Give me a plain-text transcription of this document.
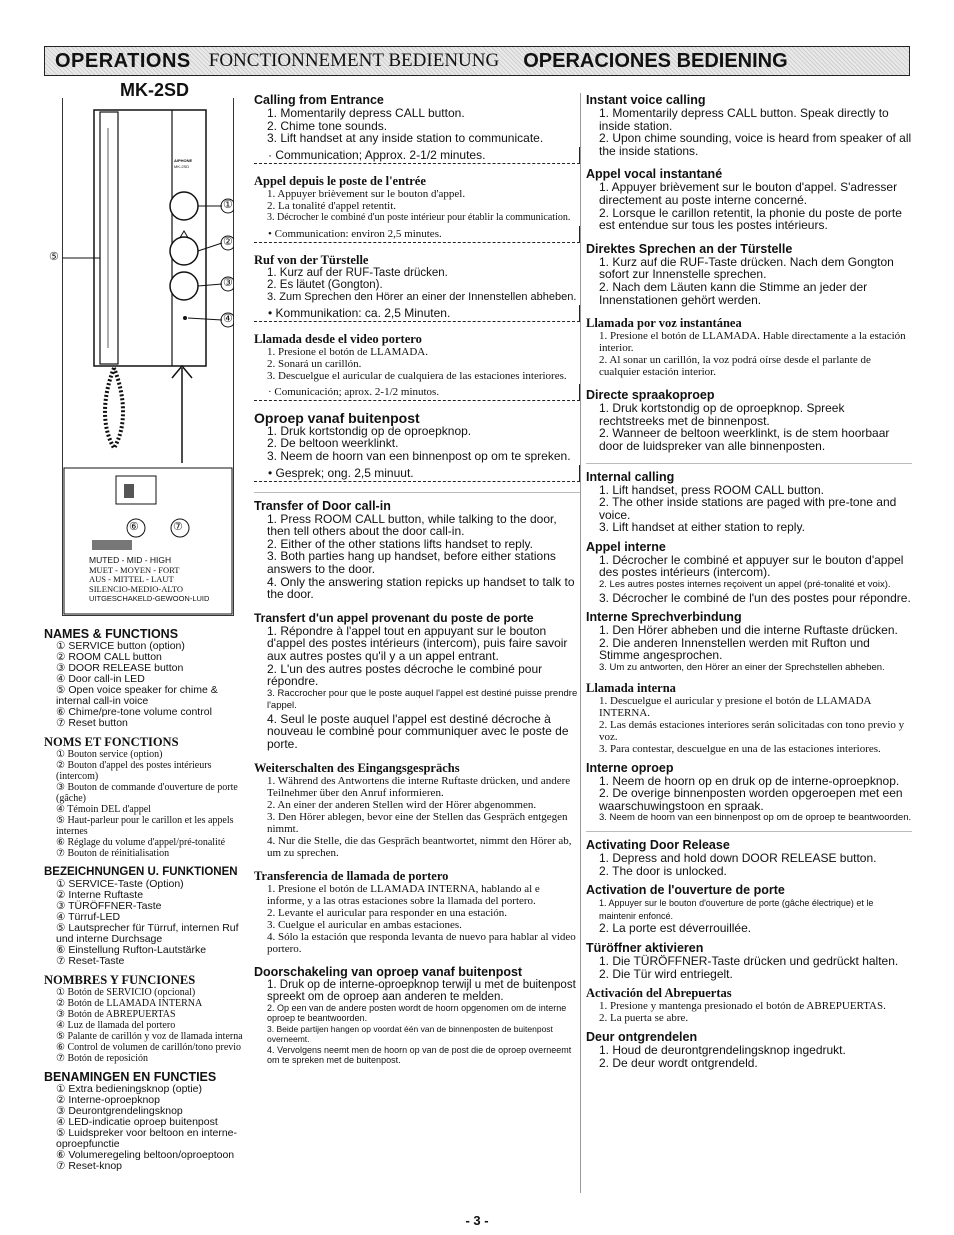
OPERATIONS FONCTIONNEMENT BEDIENUNG OPERACIONES BEDIENING
MK-2SD
AIPHONE
MK-2SD
①
②
③
④
⑤
⑥	⑦
MUTED - MID - HIGH
MUET - MOYEN - FORT
AUS - MITTEL - LAUT
SILENCIO-MEDIO-ALTO
UITGESCHAKELD-GEWOON-LUID
NAMES & FUNCTIONS
① SERVICE button (option)
② ROOM CALL button
③ DOOR RELEASE button
④ Door call-in LED
⑤ Open voice speaker for chime & internal call-in voice
⑥ Chime/pre-tone volume control
⑦ Reset button
NOMS ET FONCTIONS
① Bouton service (option)
② Bouton d'appel des postes intérieurs (intercom)
③ Bouton de commande d'ouverture de porte (gâche)
④ Témoin DEL d'appel
⑤ Haut-parleur pour le carillon et les appels internes
⑥ Réglage du volume d'appel/pré-tonalité
⑦ Bouton de réinitialisation
BEZEICHNUNGEN U. FUNKTIONEN
① SERVICE-Taste (Option)
② Interne Ruftaste
③ TÜRÖFFNER-Taste
④ Türruf-LED
⑤ Lautsprecher für Türruf, internen Ruf und interne Durchsage
⑥ Einstellung Rufton-Lautstärke
⑦ Reset-Taste
NOMBRES Y FUNCIONES
① Botón de SERVICIO (opcional)
② Botón de LLAMADA INTERNA
③ Botón de ABREPUERTAS
④ Luz de llamada del portero
⑤ Palante de carillón y voz de llamada interna
⑥ Control de volumen de carillón/tono previo
⑦ Botón de reposición
BENAMINGEN EN FUNCTIES
① Extra bedieningsknop (optie)
② Interne-oproepknop
③ Deurontgrendelingsknop
④ LED-indicatie oproep buitenpost
⑤ Luidspreker voor beltoon en interne-oproepfunctie
⑥ Volumeregeling beltoon/oproeptoon
⑦ Reset-knop
Calling from Entrance
1. Momentarily depress CALL button.
2. Chime tone sounds.
3. Lift handset at any inside station to communicate.
· Communication; Approx. 2-1/2 minutes.
Appel depuis le poste de l'entrée
1. Appuyer brièvement sur le bouton d'appel.
2. La tonalité d'appel retentit.
3. Décrocher le combiné d'un poste intérieur pour établir la communication.
• Communication: environ 2,5 minutes.
Ruf von der Türstelle
1. Kurz auf der RUF-Taste drücken.
2. Es läutet (Gongton).
3. Zum Sprechen den Hörer an einer der Innenstellen abheben.
• Kommunikation: ca. 2,5 Minuten.
Llamada desde el video portero
1. Presione el botón de LLAMADA.
2. Sonará un carillón.
3. Descuelgue el auricular de cualquiera de las estaciones interiores.
· Comunicación; aprox. 2-1/2 minutos.
Oproep vanaf buitenpost
1. Druk kortstondig op de oproepknop.
2. De beltoon weerklinkt.
3. Neem de hoorn van een binnenpost op om te spreken.
• Gesprek; ong. 2,5 minuut.
Transfer of Door call-in
1. Press ROOM CALL button, while talking to the door, then tell others about the door call-in.
2. Either of the other stations lifts handset to reply.
3. Both parties hang up handset, before either stations answers to the door.
4. Only the answering station repicks up handset to talk to the door.
Transfert d'un appel provenant du poste de porte
1. Répondre à l'appel tout en appuyant sur le bouton d'appel des postes intérieurs (intercom), puis faire savoir aux autres postes qu'il y a un appel entrant.
2. L'un des autres postes décroche le combiné pour répondre.
3. Raccrocher pour que le poste auquel l'appel est destiné puisse prendre l'appel.
4. Seul le poste auquel l'appel est destiné décroche à nouveau le combiné pour communiquer avec le poste de porte.
Weiterschalten des Eingangsgesprächs
1. Während des Antwortens die interne Ruftaste drücken, und andere Teilnehmer über den Anruf informieren.
2. An einer der anderen Stellen wird der Hörer abgenommen.
3. Den Hörer ablegen, bevor eine der Stellen das Gespräch entgegen nimmt.
4. Nur die Stelle, die das Gespräch beantwortet, nimmt den Hörer ab, um zu sprechen.
Transferencia de llamada de portero
1. Presione el botón de LLAMADA INTERNA, hablando al e informe, y a las otras estaciones sobre la llamada del portero.
2. Levante el auricular para responder en una estación.
3. Cuelgue el auricular en ambas estaciones.
4. Sólo la estación que responda levanta de nuevo para hablar al video portero.
Doorschakeling van oproep vanaf buitenpost
1. Druk op de interne-oproepknop terwijl u met de buitenpost spreekt om de oproep aan anderen te melden.
2. Op een van de andere posten wordt de hoorn opgenomen om de interne oproep te beantwoorden.
3. Beide partijen hangen op voordat één van de binnenposten de buitenpost overneemt.
4. Vervolgens neemt men de hoorn op van de post die de oproep overneemt om te spreken met de buitenpost.
Instant voice calling
1. Momentarily depress CALL button. Speak directly to inside station.
2. Upon chime sounding, voice is heard from speaker of all the inside stations.
Appel vocal instantané
1. Appuyer brièvement sur le bouton d'appel. S'adresser directement au poste interne concerné.
2. Lorsque le carillon retentit, la phonie du poste de porte est entendue sur tous les postes intérieurs.
Direktes Sprechen an der Türstelle
1. Kurz auf die RUF-Taste drücken. Nach dem Gongton sofort zur Innenstelle sprechen.
2. Nach dem Läuten kann die Stimme an jeder der Innenstationen gehört werden.
Llamada por voz instantánea
1. Presione el botón de LLAMADA. Hable directamente a la estación interior.
2. Al sonar un carillón, la voz podrá oírse desde el parlante de cualquier estación interior.
Directe spraakoproep
1. Druk kortstondig op de oproepknop. Spreek rechtstreeks met de binnenpost.
2. Wanneer de beltoon weerklinkt, is de stem hoorbaar door de luidspreker van alle binnenposten.
Internal calling
1. Lift handset, press ROOM CALL button.
2. The other inside stations are paged with pre-tone and voice.
3. Lift handset at either station to reply.
Appel interne
1. Décrocher le combiné et appuyer sur le bouton d'appel des postes intérieurs (intercom).
2. Les autres postes internes reçoivent un appel (pré-tonalité et voix).
3. Décrocher le combiné de l'un des postes pour répondre.
Interne Sprechverbindung
1. Den Hörer abheben und die interne Ruftaste drücken.
2. Die anderen Innenstellen werden mit Rufton und Stimme angesprochen.
3. Um zu antworten, den Hörer an einer der Sprechstellen abheben.
Llamada interna
1. Descuelgue el auricular y presione el botón de LLAMADA INTERNA.
2. Las demás estaciones interiores serán solicitadas con tono previo y voz.
3. Para contestar, descuelgue en una de las estaciones interiores.
Interne oproep
1. Neem de hoorn op en druk op de interne-oproepknop.
2. De overige binnenposten worden opgeroepen met een waarschuwingstoon en spraak.
3. Neem de hoorn van een binnenpost op om de oproep te beantwoorden.
Activating Door Release
1. Depress and hold down DOOR RELEASE button.
2. The door is unlocked.
Activation de l'ouverture de porte
1. Appuyer sur le bouton d'ouverture de porte (gâche électrique) et le maintenir enfoncé.
2. La porte est déverrouillée.
Türöffner aktivieren
1. Die TÜRÖFFNER-Taste drücken und gedrückt halten.
2. Die Tür wird entriegelt.
Activación del Abrepuertas
1. Presione y mantenga presionado el botón de ABREPUERTAS.
2. La puerta se abre.
Deur ontgrendelen
1. Houd de deurontgrendelingsknop ingedrukt.
2. De deur wordt ontgrendeld.
- 3 -
